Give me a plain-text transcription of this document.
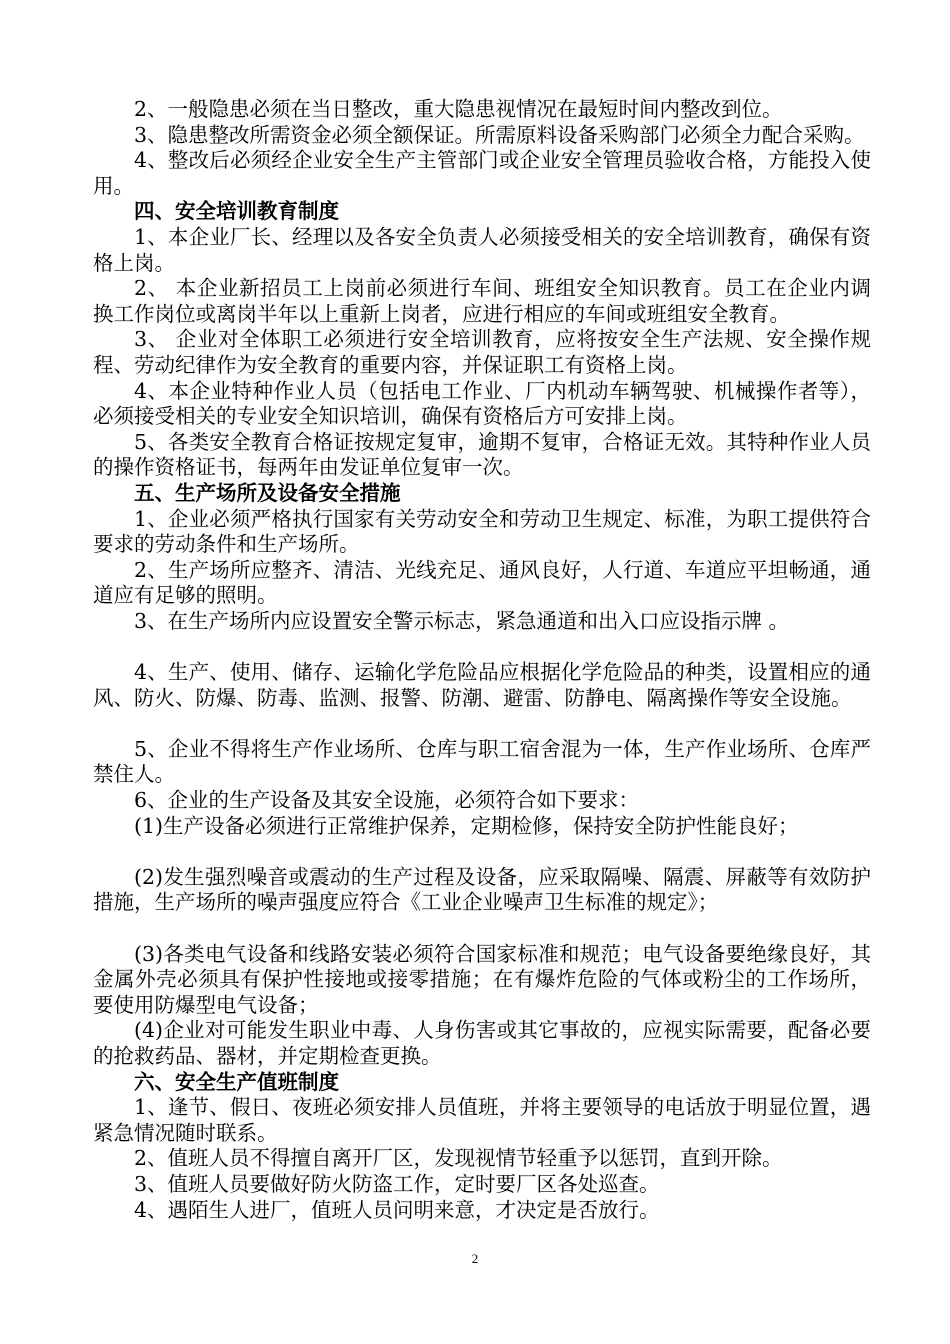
2、一般隐患必须在当日整改，重大隐患视情况在最短时间内整改到位。

3、隐患整改所需资金必须全额保证。所需原料设备采购部门必须全力配合采购。

4、整改后必须经企业安全生产主管部门或企业安全管理员验收合格，方能投入使用。

四、安全培训教育制度

1、本企业厂长、经理以及各安全负责人必须接受相关的安全培训教育，确保有资格上岗。

2、 本企业新招员工上岗前必须进行车间、班组安全知识教育。员工在企业内调换工作岗位或离岗半年以上重新上岗者，应进行相应的车间或班组安全教育。

3、 企业对全体职工必须进行安全培训教育，应将按安全生产法规、安全操作规程、劳动纪律作为安全教育的重要内容，并保证职工有资格上岗。

4、本企业特种作业人员（包括电工作业、厂内机动车辆驾驶、机械操作者等），必须接受相关的专业安全知识培训，确保有资格后方可安排上岗。

5、各类安全教育合格证按规定复审，逾期不复审，合格证无效。其特种作业人员的操作资格证书，每两年由发证单位复审一次。

五、生产场所及设备安全措施

1、企业必须严格执行国家有关劳动安全和劳动卫生规定、标准，为职工提供符合要求的劳动条件和生产场所。

2、生产场所应整齐、清洁、光线充足、通风良好，人行道、车道应平坦畅通，通道应有足够的照明。

3、在生产场所内应设置安全警示标志，紧急通道和出入口应设指示牌 。

4、生产、使用、储存、运输化学危险品应根据化学危险品的种类，设置相应的通风、防火、防爆、防毒、监测、报警、防潮、避雷、防静电、隔离操作等安全设施。

5、企业不得将生产作业场所、仓库与职工宿舍混为一体，生产作业场所、仓库严禁住人。

6、企业的生产设备及其安全设施，必须符合如下要求：

(1)生产设备必须进行正常维护保养，定期检修，保持安全防护性能良好；

(2)发生强烈噪音或震动的生产过程及设备，应采取隔噪、隔震、屏蔽等有效防护措施，生产场所的噪声强度应符合《工业企业噪声卫生标准的规定》；

(3)各类电气设备和线路安装必须符合国家标准和规范；电气设备要绝缘良好，其金属外壳必须具有保护性接地或接零措施；在有爆炸危险的气体或粉尘的工作场所，要使用防爆型电气设备；

(4)企业对可能发生职业中毒、人身伤害或其它事故的，应视实际需要，配备必要的抢救药品、器材，并定期检查更换。

六、安全生产值班制度

1、逢节、假日、夜班必须安排人员值班，并将主要领导的电话放于明显位置，遇紧急情况随时联系。

2、值班人员不得擅自离开厂区，发现视情节轻重予以惩罚，直到开除。

3、值班人员要做好防火防盗工作，定时要厂区各处巡查。

4、遇陌生人进厂，值班人员问明来意，才决定是否放行。

2
